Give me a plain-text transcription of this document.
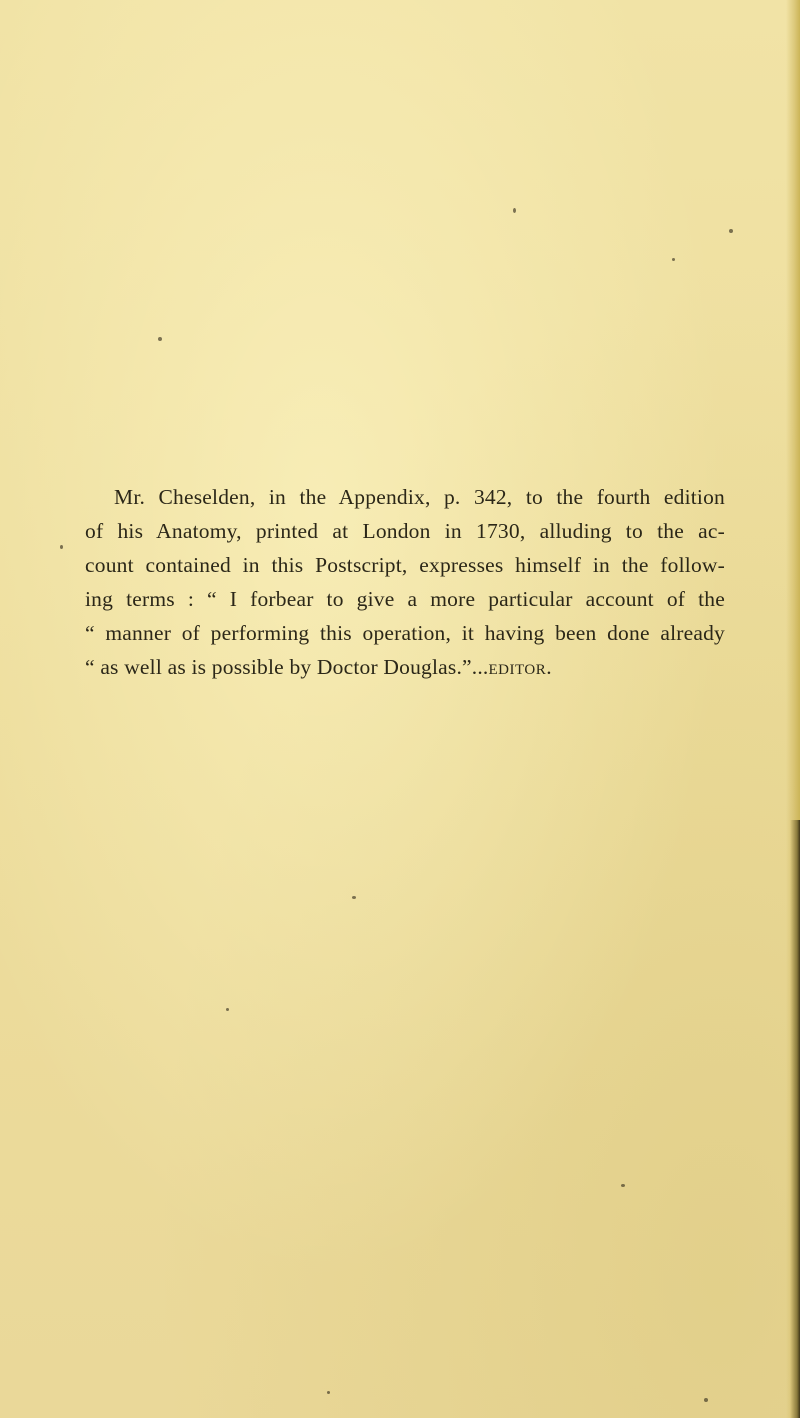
Mr. Cheselden, in the Appendix, p. 342, to the fourth edition
of his Anatomy, printed at London in 1730, alluding to the ac-
count contained in this Postscript, expresses himself in the follow-
ing terms : “ I forbear to give a more particular account of the
“ manner of performing this operation, it having been done already
“ as well as is possible by Doctor Douglas.”...editor.
